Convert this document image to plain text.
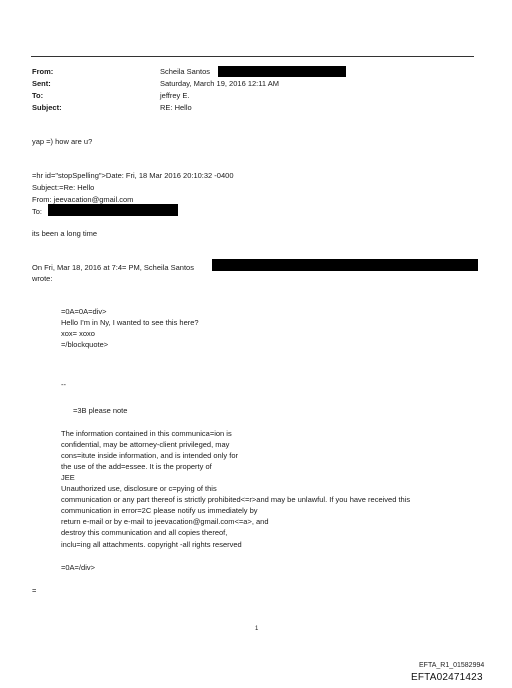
From:
Sent:
To:
Subject:
Scheila Santos
Saturday, March 19, 2016 12:11 AM
jeffrey E.
RE: Hello
yap =) how are u?
=hr id="stopSpelling">Date: Fri, 18 Mar 2016 20:10:32 -0400
Subject:=Re: Hello
From: jeevacation@gmail.com
To:
its been a long time
On Fri, Mar 18, 2016 at 7:4= PM, Scheila Santos
wrote:
=0A=0A=div>
Hello I'm in Ny, I wanted to see this here?
xox= xoxo
=/blockquote>
--
=3B please note
The information contained in this communica=ion is
confidential, may be attorney-client privileged, may
cons=itute inside information, and is intended only for
the use of the add=essee. It is the property of
JEE
Unauthorized use, disclosure or c=pying of this
communication or any part thereof is strictly prohibited<=r>and may be unlawful. If you have received this
communication in error=2C please notify us immediately by
return e-mail or by e-mail to jeevacation@gmail.com<=a>, and
destroy this communication and all copies thereof,
inclu=ing all attachments. copyright -all rights reserved
=0A=/div>
=
1
EFTA_R1_01582994
EFTA02471423
